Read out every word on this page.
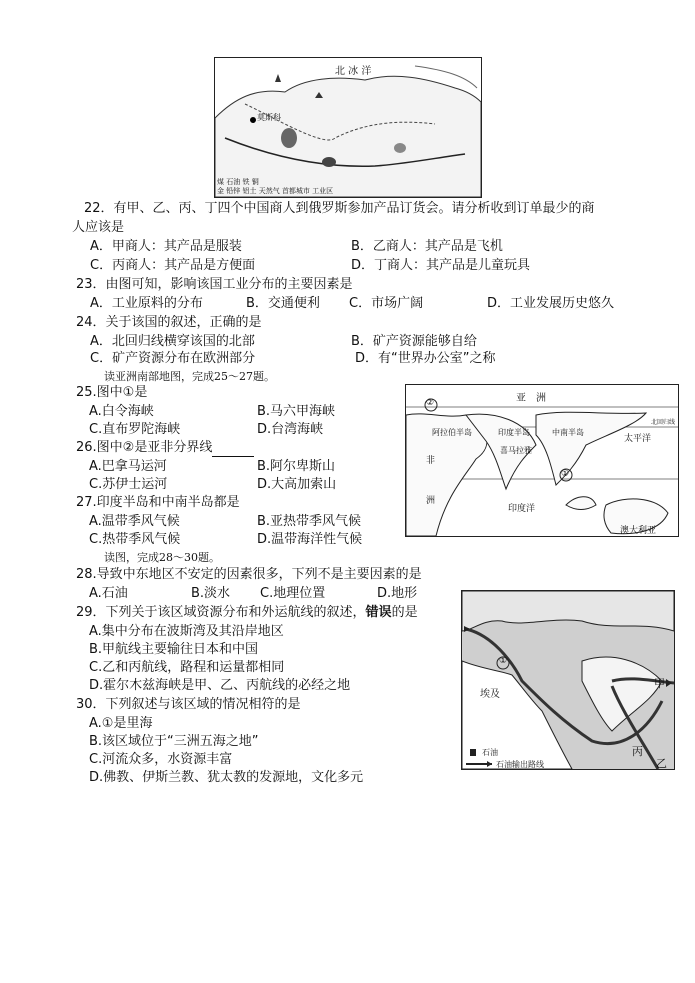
北 冰 洋
莫斯科
煤 石油 铁 铜
金 铅锌 铝土 天然气 首都城市 工业区
22．有甲、乙、丙、丁四个中国商人到俄罗斯参加产品订货会。请分析收到订单最少的商
人应该是
A．甲商人：其产品是服装	B．乙商人：其产品是飞机
C．丙商人：其产品是方便面	D．丁商人：其产品是儿童玩具
23．由图可知，影响该国工业分布的主要因素是
A．工业原料的分布	B．交通便利 C．市场广阔	D．工业发展历史悠久
24．关于该国的叙述，正确的是
A．北回归线横穿该国的北部	B．矿产资源能够自给
C．矿产资源分布在欧洲部分	D．有“世界办公室”之称
读亚洲南部地图，完成25～27题。
②
①
亚　洲
北回归线
阿拉伯半岛	印度半岛	中南半岛
太平洋
喜马拉雅
非
洲
印度洋
澳大利亚
25.图中①是
A.白令海峡	B.马六甲海峡
C.直布罗陀海峡	D.台湾海峡
26.图中②是亚非分界线
A.巴拿马运河	B.阿尔卑斯山
C.苏伊士运河	D.大高加索山
27.印度半岛和中南半岛都是
A.温带季风气候	B.亚热带季风气候
C.热带季风气候	D.温带海洋性气候
读图，完成28～30题。
28.导致中东地区不安定的因素很多，下列不是主要因素的是
A.石油	B.淡水 C.地理位置	D.地形
29．下列关于该区域资源分布和外运航线的叙述，错误的是
A.集中分布在波斯湾及其沿岸地区
B.甲航线主要输往日本和中国
C.乙和丙航线，路程和运量都相同
D.霍尔木兹海峡是甲、乙、丙航线的必经之地
30．下列叙述与该区域的情况相符的是
A.①是里海
B.该区域位于“三洲五海之地”
C.河流众多，水资源丰富
D.佛教、伊斯兰教、犹太教的发源地，文化多元
①
埃及
甲
丙
乙
石油
石油输出路线
